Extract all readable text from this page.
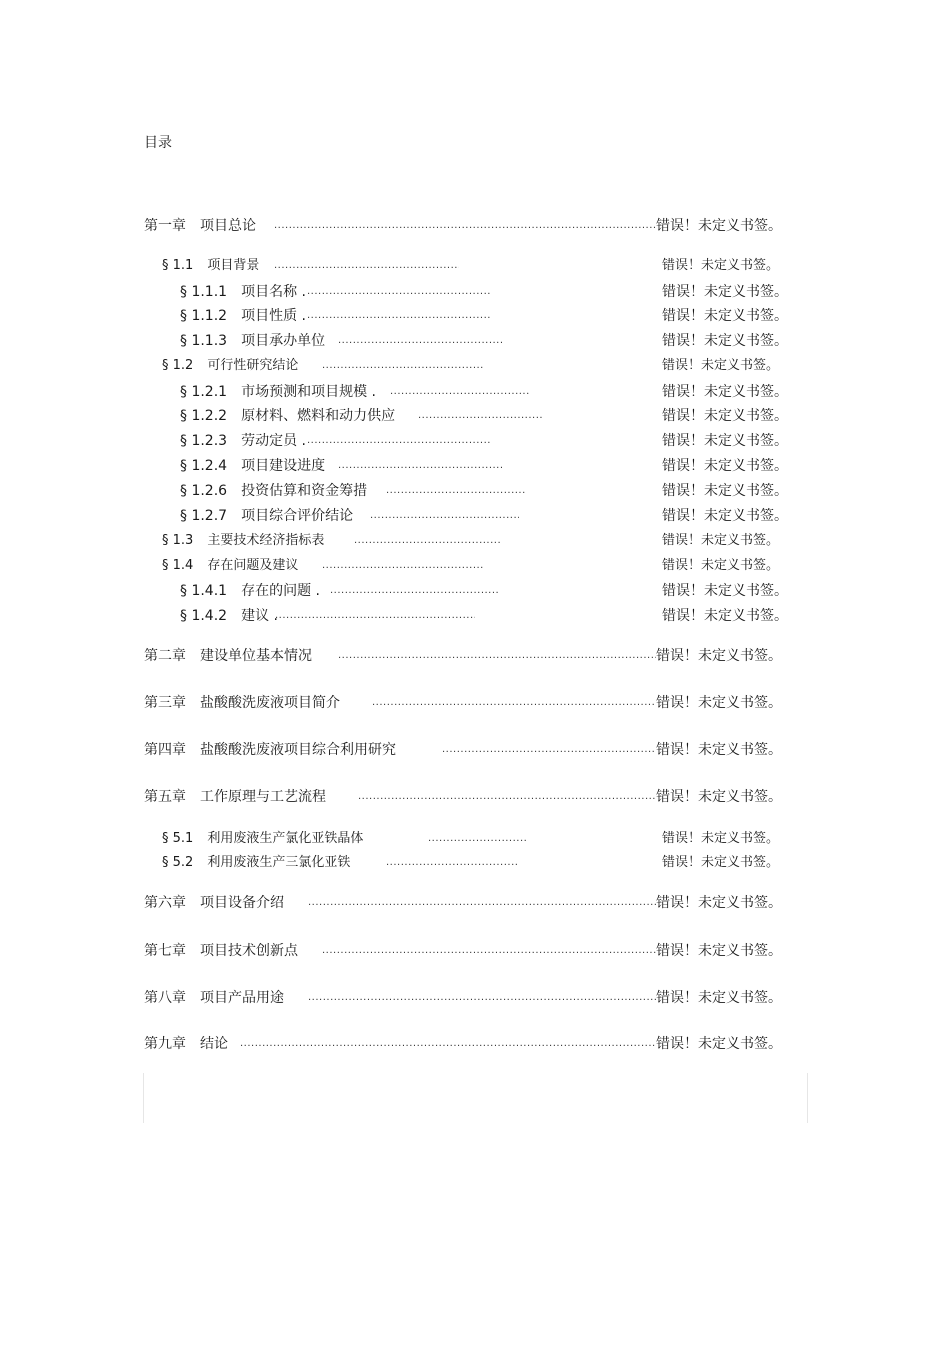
目录
第一章 项目总论 .....	错误！未定义书签。
§ 1.1 项目背景 .....	错误！未定义书签。
§ 1.1.1 项目名称 . .....	错误！未定义书签。
§ 1.1.2 项目性质 . .....	错误！未定义书签。
§ 1.1.3 项目承办单位 .....	错误！未定义书签。
§ 1.2 可行性研究结论 .....	错误！未定义书签。
§ 1.2.1 市场预测和项目规模 . .....	错误！未定义书签。
§ 1.2.2 原材料、燃料和动力供应 .....	错误！未定义书签。
§ 1.2.3 劳动定员 . .....	错误！未定义书签。
§ 1.2.4 项目建设进度 .....	错误！未定义书签。
§ 1.2.6 投资估算和资金筹措 .....	错误！未定义书签。
§ 1.2.7 项目综合评价结论 .....	错误！未定义书签。
§ 1.3 主要技术经济指标表 .....	错误！未定义书签。
§ 1.4 存在问题及建议 .....	错误！未定义书签。
§ 1.4.1 存在的问题 . .....	错误！未定义书签。
§ 1.4.2 建议 . .....	错误！未定义书签。
第二章 建设单位基本情况 .....	错误！未定义书签。
第三章 盐酸酸洗废液项目简介 .....	错误！未定义书签。
第四章 盐酸酸洗废液项目综合利用研究 .....	错误！未定义书签。
第五章 工作原理与工艺流程 .....	错误！未定义书签。
§ 5.1 利用废液生产氯化亚铁晶体 .....	错误！未定义书签。
§ 5.2 利用废液生产三氯化亚铁 .....	错误！未定义书签。
第六章 项目设备介绍 .....	错误！未定义书签。
第七章 项目技术创新点 .....	错误！未定义书签。
第八章 项目产品用途 .....	错误！未定义书签。
第九章 结论 .....	错误！未定义书签。
